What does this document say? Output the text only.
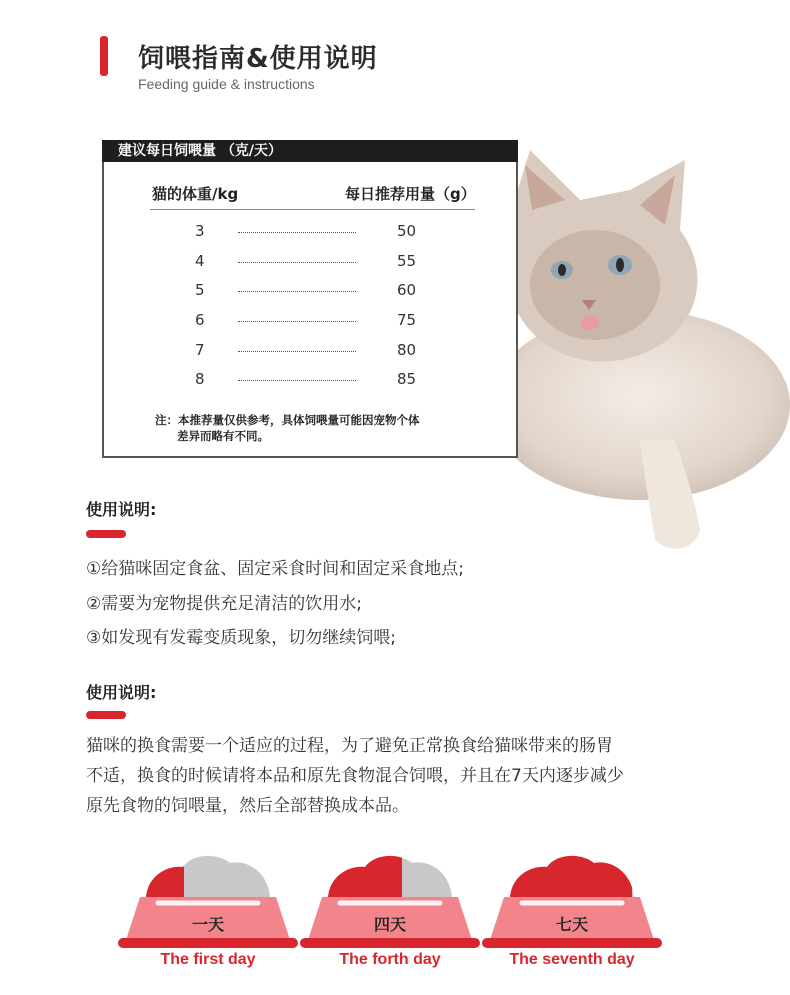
饲喂指南&使用说明
Feeding guide & instructions
建议每日饲喂量 （克/天）
猫的体重/kg	每日推荐用量（g）
3	50
4	55
5	60
6	75
7	80
8	85
注：本推荐量仅供参考，具体饲喂量可能因宠物个体
差异而略有不同。
使用说明:
①给猫咪固定食盆、固定采食时间和固定采食地点;
②需要为宠物提供充足清洁的饮用水;
③如发现有发霉变质现象，切勿继续饲喂;
使用说明:
猫咪的换食需要一个适应的过程，为了避免正常换食给猫咪带来的肠胃
不适，换食的时候请将本品和原先食物混合饲喂，并且在7天内逐步减少
原先食物的饲喂量，然后全部替换成本品。
一天
The first day
四天
The forth day
七天
The seventh day
